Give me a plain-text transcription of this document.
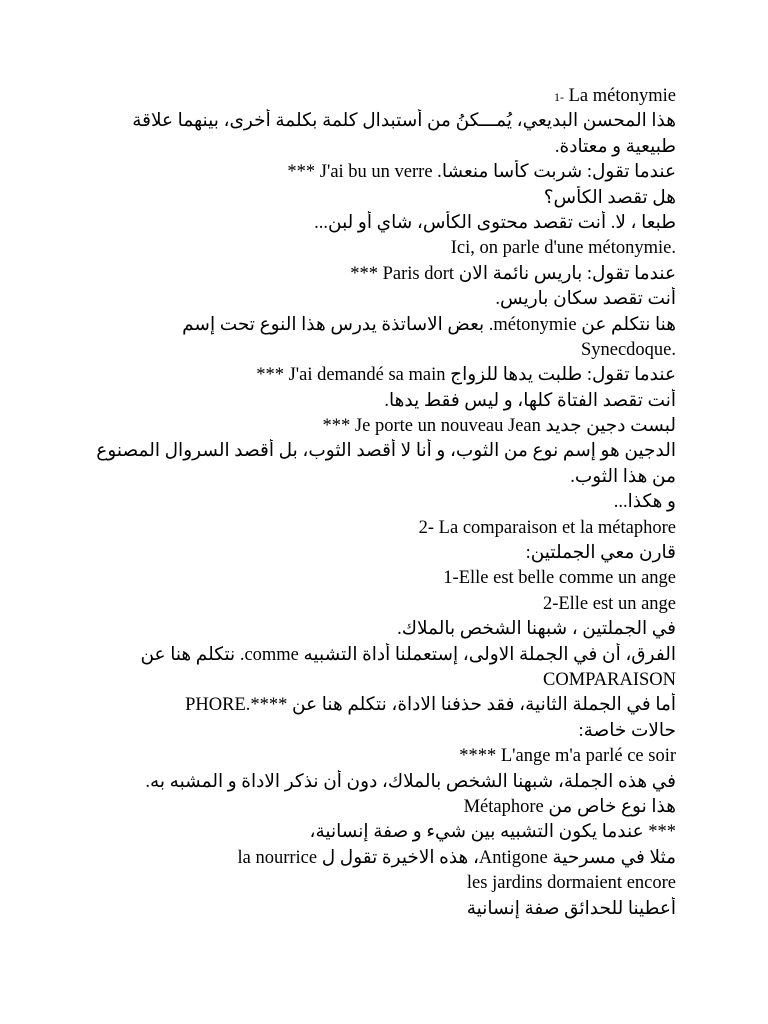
1- La métonymie
هذا المحسن البديعي، يُمـــكنُ من أستبدال كلمة بكلمة أخرى، بينهما علاقة
.طبيعية و معتادة
*** J'ai bu un verre .عندما تقول: شربت كأسا منعشا
هل تقصد الكأس؟
...طبعا ، لا. أنت تقصد محتوى الكأس، شاي أو لبن
Ici, on parle d'une métonymie.
*** Paris dort عندما تقول: باريس نائمة الان
.أنت تقصد سكان باريس
بعض الاساتذة يدرس هذا النوع تحت إسم .métonymie هنا نتكلم عن
Synecdoque.
*** J'ai demandé sa main عندما تقول: طلبت يدها للزواج
.أنت تقصد الفتاة كلها، و ليس فقط يدها
*** Je porte un nouveau Jean لبست دجين جديد
الدجين هو إسم نوع من الثوب، و أنا لا أقصد الثوب، بل أقصد السروال المصنوع
.من هذا الثوب
...و هكذا
2- La comparaison et la métaphore
:قارن معي الجملتين
1-Elle est belle comme un ange
2-Elle est un ange
.في الجملتين ، شبهنا الشخص بالملاك
نتكلم هنا عن .comme الفرق، أن في الجملة الاولى، إستعملنا أداة التشبيه
COMPARAISON
PHORE.**** أما في الجملة الثانية، فقد حذفنا الاداة، نتكلم هنا عن
:حالات خاصة
**** L'ange m'a parlé ce soir
.في هذه الجملة، شبهنا الشخص بالملاك، دون أن نذكر الاداة و المشبه به
Métaphore هذا نوع خاص من
،عندما يكون التشبيه بين شيء و صفة إنسانية ***
la nourrice هذه الاخيرة تقول ل ،Antigone مثلا في مسرحية
les jardins dormaient encore
أعطينا للحدائق صفة إنسانية
